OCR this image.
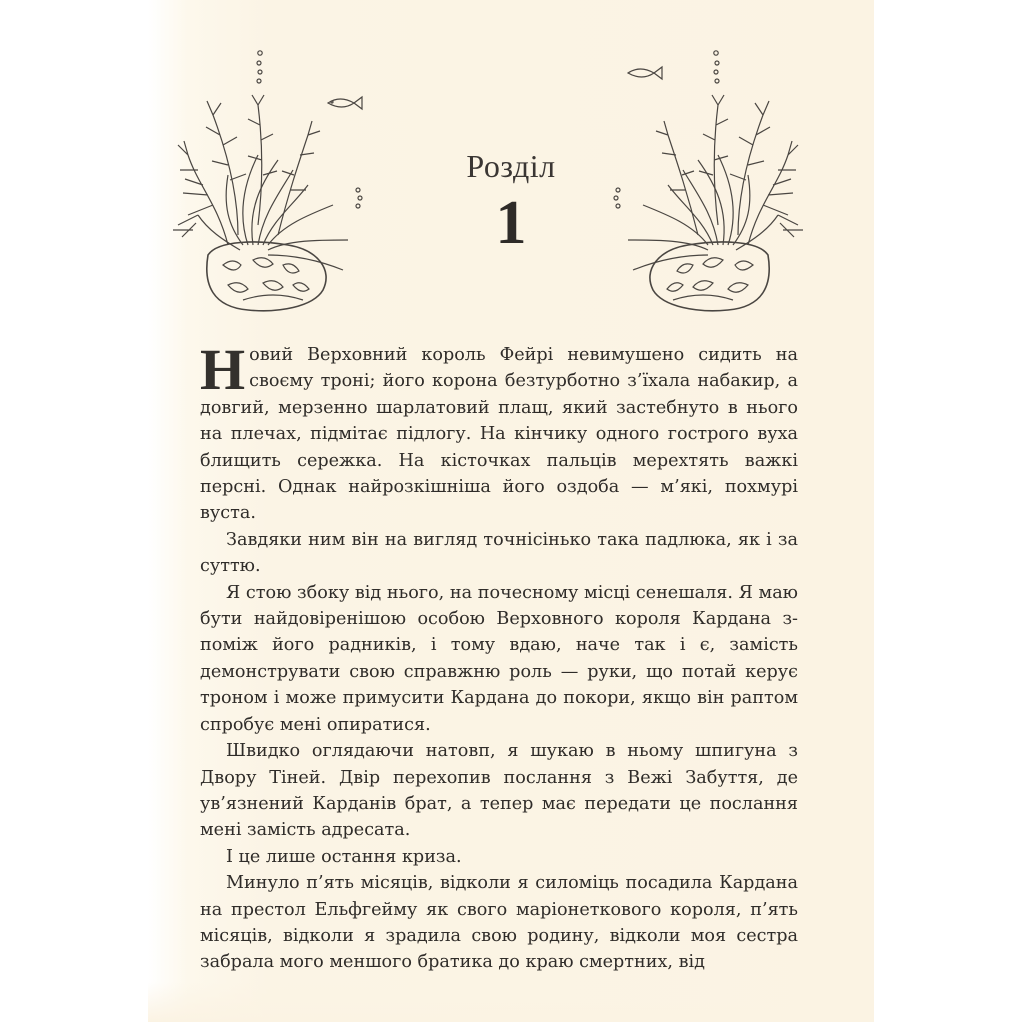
Розділ
1

Новий Верховний король Фейрі невимушено сидить на своєму троні; його корона безтурботно з’їхала набакир, а довгий, мерзенно шарлатовий плащ, який застебнуто в нього на плечах, підмітає підлогу. На кінчику одного гострого вуха блищить сережка. На кісточках пальців мерехтять важкі персні. Однак найрозкішніша його оздоба — м’які, похмурі вуста.

Завдяки ним він на вигляд точнісінько така падлюка, як і за суттю.

Я стою збоку від нього, на почесному місці сенешаля. Я маю бути найдовіренішою особою Верховного короля Кардана з-поміж його радників, і тому вдаю, наче так і є, замість демонструвати свою справжню роль — руки, що потай керує троном і може примусити Кардана до покори, якщо він раптом спробує мені опиратися.

Швидко оглядаючи натовп, я шукаю в ньому шпигуна з Двору Тіней. Двір перехопив послання з Вежі Забуття, де ув’язнений Карданів брат, а тепер має передати це послання мені замість адресата.

І це лише остання криза.

Минуло п’ять місяців, відколи я силоміць посадила Кардана на престол Ельфгейму як свого маріонеткового короля, п’ять місяців, відколи я зрадила свою родину, відколи моя сестра забрала мого меншого братика до краю смертних, від
